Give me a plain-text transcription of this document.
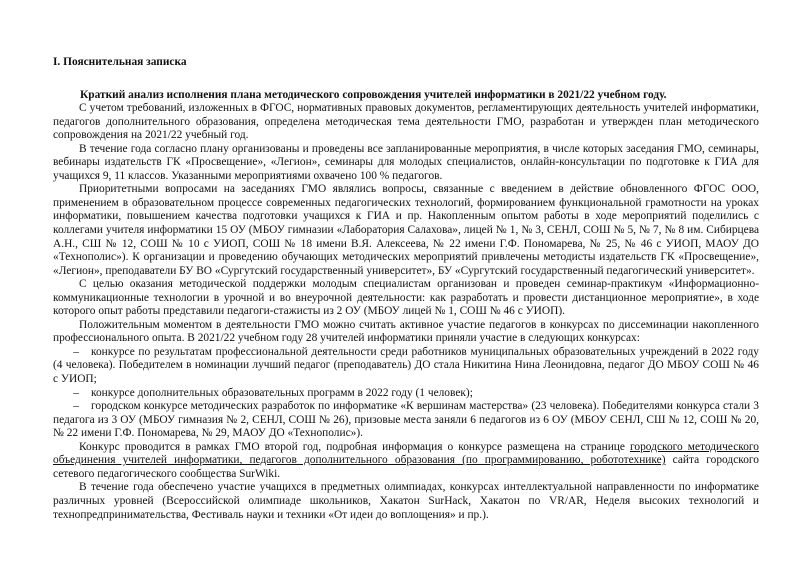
I. Пояснительная записка
Краткий анализ исполнения плана методического сопровождения учителей информатики в 2021/22 учебном году.

С учетом требований, изложенных в ФГОС, нормативных правовых документов, регламентирующих деятельность учителей информатики, педагогов дополнительного образования, определена методическая тема деятельности ГМО, разработан и утвержден план методического сопровождения на 2021/22 учебный год.

В течение года согласно плану организованы и проведены все запланированные мероприятия, в числе которых заседания ГМО, семинары, вебинары издательств ГК «Просвещение», «Легион», семинары для молодых специалистов, онлайн-консультации по подготовке к ГИА для учащихся 9, 11 классов. Указанными мероприятиями охвачено 100 % педагогов.

Приоритетными вопросами на заседаниях ГМО являлись вопросы, связанные с введением в действие обновленного ФГОС ООО, применением в образовательном процессе современных педагогических технологий, формированием функциональной грамотности на уроках информатики, повышением качества подготовки учащихся к ГИА и пр. Накопленным опытом работы в ходе мероприятий поделились с коллегами учителя информатики 15 ОУ (МБОУ гимназии «Лаборатория Салахова», лицей № 1, № 3, СЕНЛ, СОШ № 5, № 7, № 8 им. Сибирцева А.Н., СШ № 12, СОШ № 10 с УИОП, СОШ № 18 имени В.Я. Алексеева, № 22 имени Г.Ф. Пономарева, № 25, № 46 с УИОП, МАОУ ДО «Технополис»). К организации и проведению обучающих методических мероприятий привлечены методисты издательств ГК «Просвещение», «Легион», преподаватели БУ ВО «Сургутский государственный университет», БУ «Сургутский государственный педагогический университет».

С целью оказания методической поддержки молодым специалистам организован и проведен семинар-практикум «Информационно-коммуникационные технологии в урочной и во внеурочной деятельности: как разработать и провести дистанционное мероприятие», в ходе которого опыт работы представили педагоги-стажисты из 2 ОУ (МБОУ лицей № 1, СОШ № 46 с УИОП).

Положительным моментом в деятельности ГМО можно считать активное участие педагогов в конкурсах по диссеминации накопленного профессионального опыта. В 2021/22 учебном году 28 учителей информатики приняли участие в следующих конкурсах:

– конкурсе по результатам профессиональной деятельности среди работников муниципальных образовательных учреждений в 2022 году (4 человека). Победителем в номинации лучший педагог (преподаватель) ДО стала Никитина Нина Леонидовна, педагог ДО МБОУ СОШ № 46 с УИОП;

– конкурсе дополнительных образовательных программ в 2022 году (1 человек);

– городском конкурсе методических разработок по информатике «К вершинам мастерства» (23 человека). Победителями конкурса стали 3 педагога из 3 ОУ (МБОУ гимназия № 2, СЕНЛ, СОШ № 26), призовые места заняли 6 педагогов из 6 ОУ (МБОУ СЕНЛ, СШ № 12, СОШ № 20, № 22 имени Г.Ф. Пономарева, № 29, МАОУ ДО «Технополис»).

Конкурс проводится в рамках ГМО второй год, подробная информация о конкурсе размещена на странице городского методического объединения учителей информатики, педагогов дополнительного образования (по программированию, робототехнике) сайта городского сетевого педагогического сообщества SurWiki.

В течение года обеспечено участие учащихся в предметных олимпиадах, конкурсах интеллектуальной направленности по информатике различных уровней (Всероссийской олимпиаде школьников, Хакатон SurHack, Хакатон по VR/AR, Неделя высоких технологий и технопредпринимательства, Фестиваль науки и техники «От идеи до воплощения» и пр.).
